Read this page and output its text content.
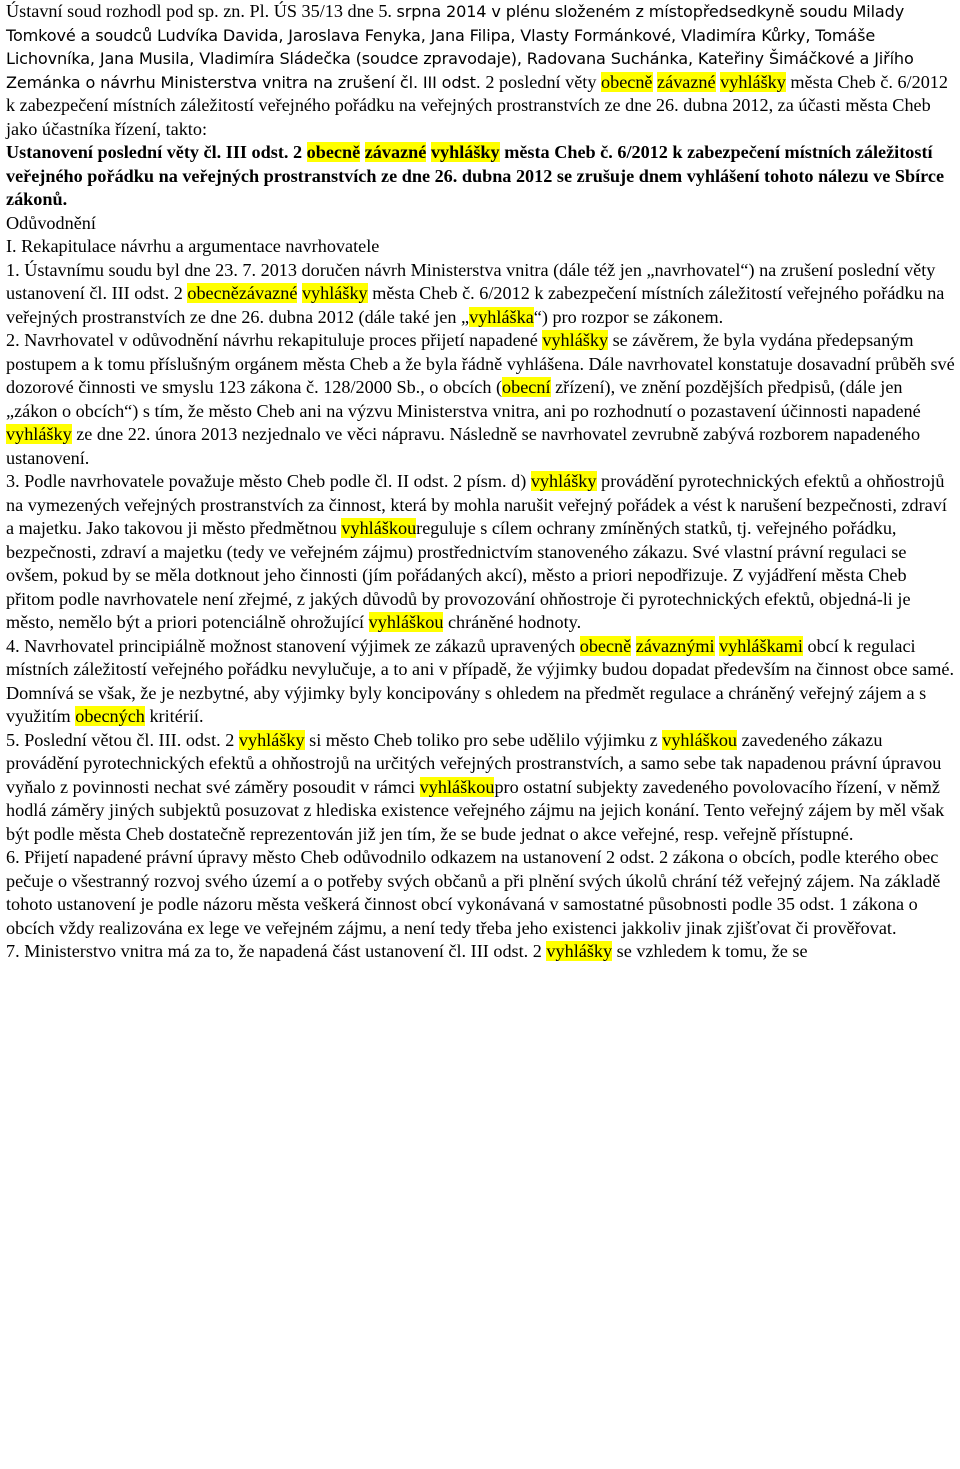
Ústavní soud rozhodl pod sp. zn. Pl. ÚS 35/13 dne 5. srpna 2014 v plénu složeném z místopředsedkyně soudu Milady Tomkové a soudců Ludvíka Davida, Jaroslava Fenyka, Jana Filipa, Vlasty Formánkové, Vladimíra Kůrky, Tomáše Lichovníka, Jana Musila, Vladimíra Sládečka (soudce zpravodaje), Radovana Suchánka, Kateřiny Šimáčkové a Jiřího Zemánka o návrhu Ministerstva vnitra na zrušení čl. III odst. 2 poslední věty obecně závazné vyhlášky města Cheb č. 6/2012 k zabezpečení místních záležitostí veřejného pořádku na veřejných prostranstvích ze dne 26. dubna 2012, za účasti města Cheb jako účastníka řízení, takto:

Ustanovení poslední věty čl. III odst. 2 obecně závazné vyhlášky města Cheb č. 6/2012 k zabezpečení místních záležitostí veřejného pořádku na veřejných prostranstvích ze dne 26. dubna 2012 se zrušuje dnem vyhlášení tohoto nálezu ve Sbírce zákonů.

Odůvodnění

I. Rekapitulace návrhu a argumentace navrhovatele

1. Ústavnímu soudu byl dne 23. 7. 2013 doručen návrh Ministerstva vnitra (dále též jen „navrhovatel“) na zrušení poslední věty ustanovení čl. III odst. 2 obecnězávazné vyhlášky města Cheb č. 6/2012 k zabezpečení místních záležitostí veřejného pořádku na veřejných prostranstvích ze dne 26. dubna 2012 (dále také jen „vyhláška“) pro rozpor se zákonem.

2. Navrhovatel v odůvodnění návrhu rekapituluje proces přijetí napadené vyhlášky se závěrem, že byla vydána předepsaným postupem a k tomu příslušným orgánem města Cheb a že byla řádně vyhlášena. Dále navrhovatel konstatuje dosavadní průběh své dozorové činnosti ve smyslu 123 zákona č. 128/2000 Sb., o obcích (obecní zřízení), ve znění pozdějších předpisů, (dále jen „zákon o obcích“) s tím, že město Cheb ani na výzvu Ministerstva vnitra, ani po rozhodnutí o pozastavení účinnosti napadené vyhlášky ze dne 22. února 2013 nezjednalo ve věci nápravu. Následně se navrhovatel zevrubně zabývá rozborem napadeného ustanovení.

3. Podle navrhovatele považuje město Cheb podle čl. II odst. 2 písm. d) vyhlášky provádění pyrotechnických efektů a ohňostrojů na vymezených veřejných prostranstvích za činnost, která by mohla narušit veřejný pořádek a vést k narušení bezpečnosti, zdraví a majetku. Jako takovou ji město předmětnou vyhláškoureguluje s cílem ochrany zmíněných statků, tj. veřejného pořádku, bezpečnosti, zdraví a majetku (tedy ve veřejném zájmu) prostřednictvím stanoveného zákazu. Své vlastní právní regulaci se ovšem, pokud by se měla dotknout jeho činnosti (jím pořádaných akcí), město a priori nepodřizuje. Z vyjádření města Cheb přitom podle navrhovatele není zřejmé, z jakých důvodů by provozování ohňostroje či pyrotechnických efektů, objedná-li je město, nemělo být a priori potenciálně ohrožující vyhláškou chráněné hodnoty.

4. Navrhovatel principiálně možnost stanovení výjimek ze zákazů upravených obecně závaznými vyhláškami obcí k regulaci místních záležitostí veřejného pořádku nevylučuje, a to ani v případě, že výjimky budou dopadat především na činnost obce samé. Domnívá se však, že je nezbytné, aby výjimky byly koncipovány s ohledem na předmět regulace a chráněný veřejný zájem a s využitím obecných kritérií.

5. Poslední větou čl. III. odst. 2 vyhlášky si město Cheb toliko pro sebe udělilo výjimku z vyhláškou zavedeného zákazu provádění pyrotechnických efektů a ohňostrojů na určitých veřejných prostranstvích, a samo sebe tak napadenou právní úpravou vyňalo z povinnosti nechat své záměry posoudit v rámci vyhláškoupro ostatní subjekty zavedeného povolovacího řízení, v němž hodlá záměry jiných subjektů posuzovat z hlediska existence veřejného zájmu na jejich konání. Tento veřejný zájem by měl však být podle města Cheb dostatečně reprezentován již jen tím, že se bude jednat o akce veřejné, resp. veřejně přístupné.

6. Přijetí napadené právní úpravy město Cheb odůvodnilo odkazem na ustanovení 2 odst. 2 zákona o obcích, podle kterého obec pečuje o všestranný rozvoj svého území a o potřeby svých občanů a při plnění svých úkolů chrání též veřejný zájem. Na základě tohoto ustanovení je podle názoru města veškerá činnost obcí vykonávaná v samostatné působnosti podle 35 odst. 1 zákona o obcích vždy realizována ex lege ve veřejném zájmu, a není tedy třeba jeho existenci jakkoliv jinak zjišťovat či prověřovat.

7. Ministerstvo vnitra má za to, že napadená část ustanovení čl. III odst. 2 vyhlášky se vzhledem k tomu, že se
